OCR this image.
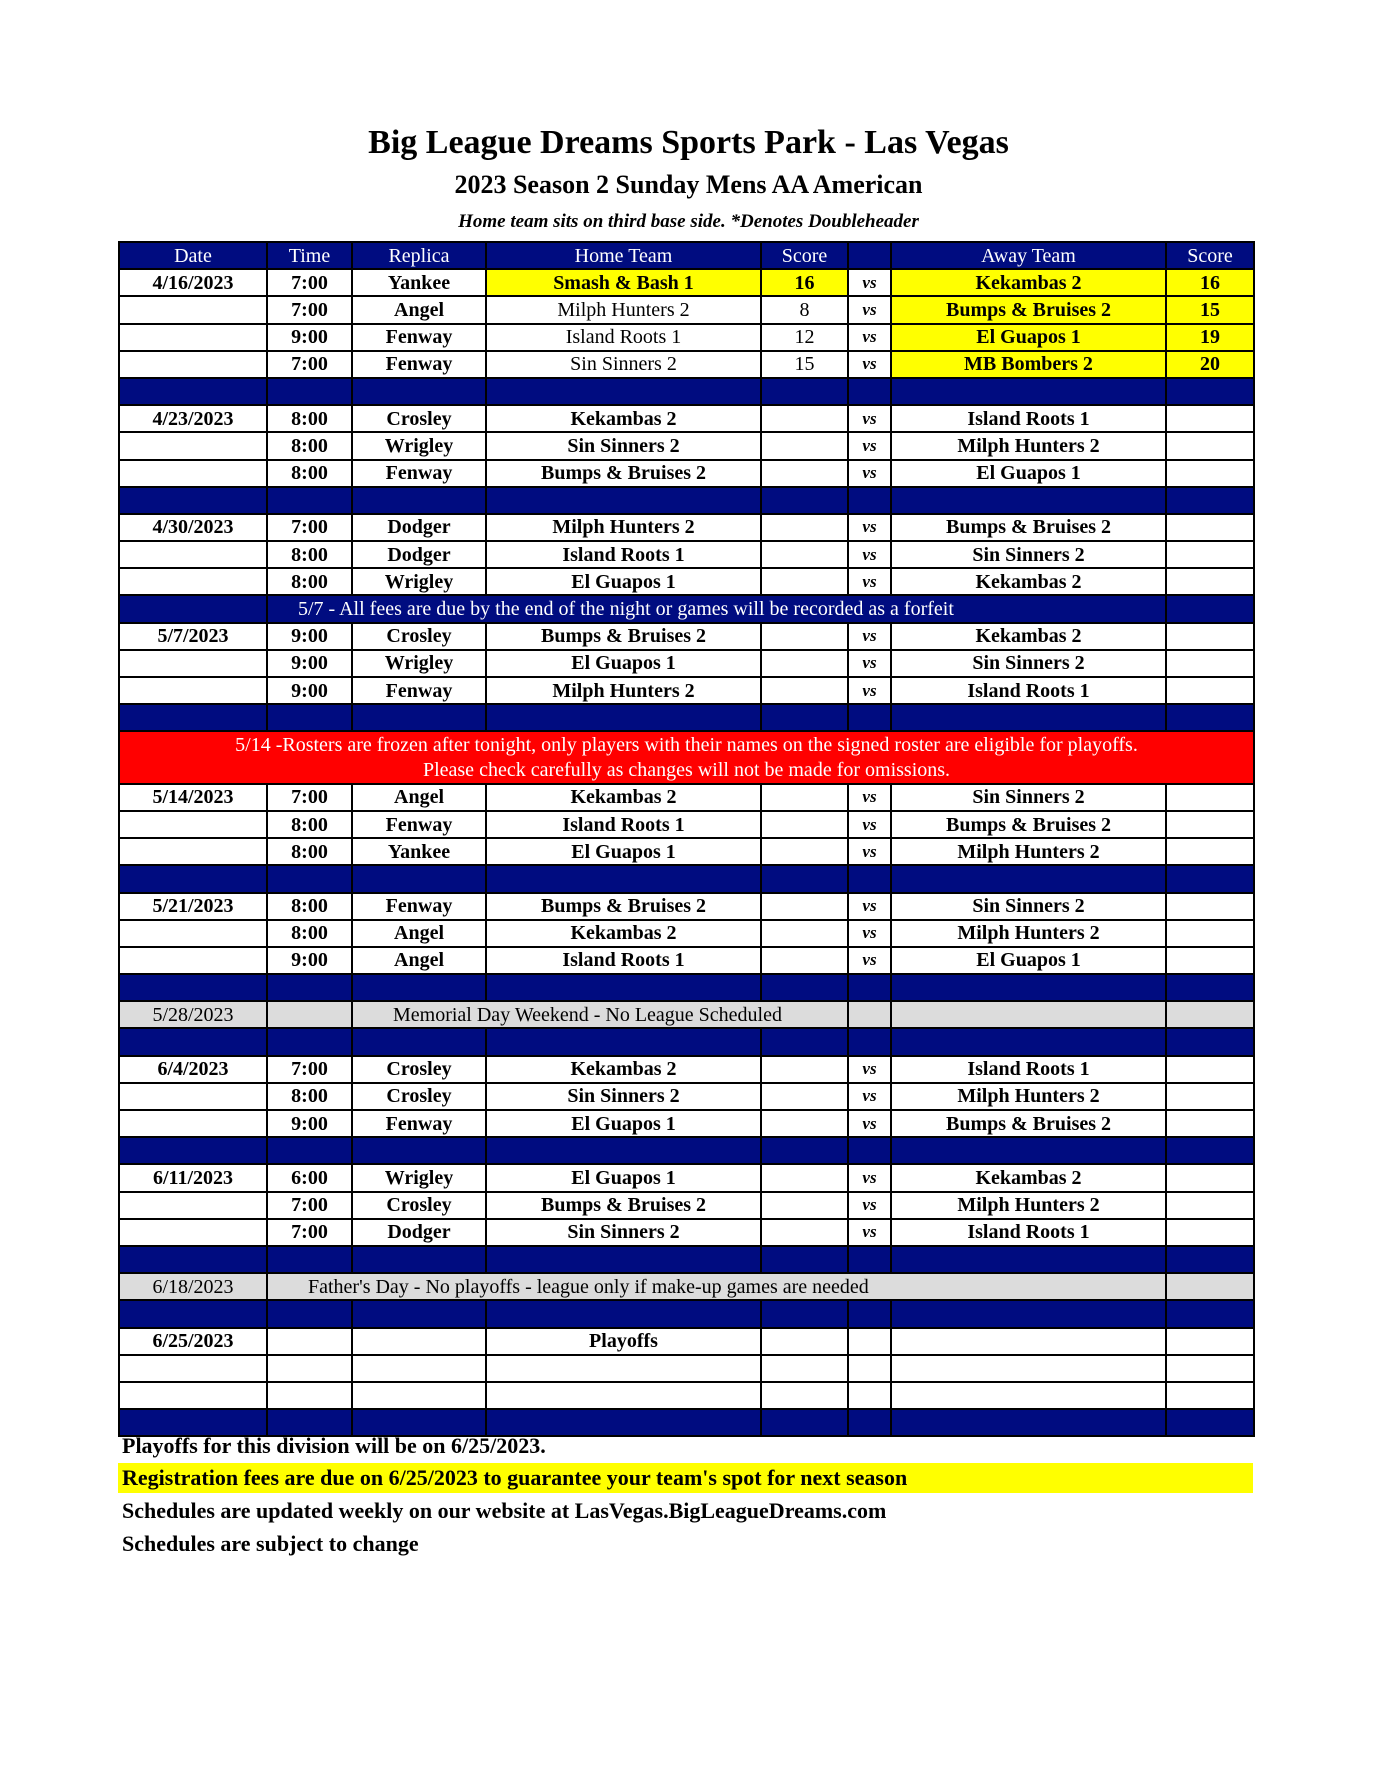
Big League Dreams Sports Park - Las Vegas
2023 Season 2 Sunday Mens AA American
Home team sits on third base side. *Denotes Doubleheader
Date	Time	Replica	Home Team	Score		Away Team	Score
4/16/2023	7:00	Yankee	Smash & Bash 1	16	vs	Kekambas 2	16
	7:00	Angel	Milph Hunters 2	8	vs	Bumps & Bruises 2	15
	9:00	Fenway	Island Roots 1	12	vs	El Guapos 1	19
	7:00	Fenway	Sin Sinners 2	15	vs	MB Bombers 2	20

4/23/2023	8:00	Crosley	Kekambas 2		vs	Island Roots 1	
	8:00	Wrigley	Sin Sinners 2		vs	Milph Hunters 2	
	8:00	Fenway	Bumps & Bruises 2		vs	El Guapos 1	

4/30/2023	7:00	Dodger	Milph Hunters 2		vs	Bumps & Bruises 2	
	8:00	Dodger	Island Roots 1		vs	Sin Sinners 2	
	8:00	Wrigley	El Guapos 1		vs	Kekambas 2	
	5/7 - All fees are due by the end of the night or games will be recorded as a forfeit						
5/7/2023	9:00	Crosley	Bumps & Bruises 2		vs	Kekambas 2	
	9:00	Wrigley	El Guapos 1		vs	Sin Sinners 2	
	9:00	Fenway	Milph Hunters 2		vs	Island Roots 1	

5/14 -Rosters are frozen after tonight, only players with their names on the signed roster are eligible for playoffs.							
Please check carefully as changes will not be made for omissions.							
5/14/2023	7:00	Angel	Kekambas 2		vs	Sin Sinners 2	
	8:00	Fenway	Island Roots 1		vs	Bumps & Bruises 2	
	8:00	Yankee	El Guapos 1		vs	Milph Hunters 2	

5/21/2023	8:00	Fenway	Bumps & Bruises 2		vs	Sin Sinners 2	
	8:00	Angel	Kekambas 2		vs	Milph Hunters 2	
	9:00	Angel	Island Roots 1		vs	El Guapos 1	

5/28/2023		Memorial Day Weekend - No League Scheduled					

6/4/2023	7:00	Crosley	Kekambas 2		vs	Island Roots 1	
	8:00	Crosley	Sin Sinners 2		vs	Milph Hunters 2	
	9:00	Fenway	El Guapos 1		vs	Bumps & Bruises 2	

6/11/2023	6:00	Wrigley	El Guapos 1		vs	Kekambas 2	
	7:00	Crosley	Bumps & Bruises 2		vs	Milph Hunters 2	
	7:00	Dodger	Sin Sinners 2		vs	Island Roots 1	

6/18/2023	Father's Day - No playoffs - league only if make-up games are needed						

6/25/2023			Playoffs				

Playoffs for this division will be on 6/25/2023.
Registration fees are due on 6/25/2023 to guarantee your team's spot for next season
Schedules are updated weekly on our website at LasVegas.BigLeagueDreams.com
Schedules are subject to change
